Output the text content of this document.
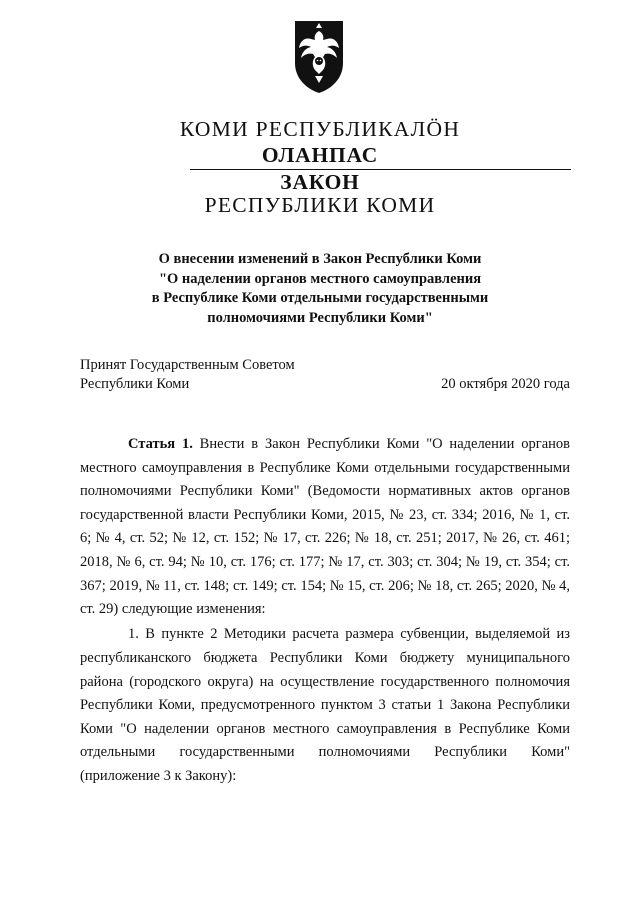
КОМИ РЕСПУБЛИКАЛӦН
ОЛАНПАС
ЗАКОН
РЕСПУБЛИКИ КОМИ
О внесении изменений в Закон Республики Коми
"О наделении органов местного самоуправления
в Республике Коми отдельными государственными
полномочиями Республики Коми"
Принят Государственным Советом
Республики Коми	20 октября 2020 года

Статья 1. Внести в Закон Республики Коми "О наделении органов местного самоуправления в Республике Коми отдельными государственными полномочиями Республики Коми" (Ведомости нормативных актов органов государственной власти Республики Коми, 2015, № 23, ст. 334; 2016, № 1, ст. 6; № 4, ст. 52; № 12, ст. 152; № 17, ст. 226; № 18, ст. 251; 2017, № 26, ст. 461; 2018, № 6, ст. 94; № 10, ст. 176; ст. 177; № 17, ст. 303; ст. 304; № 19, ст. 354; ст. 367; 2019, № 11, ст. 148; ст. 149; ст. 154; № 15, ст. 206; № 18, ст. 265; 2020, № 4, ст. 29) следующие изменения:

1. В пункте 2 Методики расчета размера субвенции, выделяемой из республиканского бюджета Республики Коми бюджету муниципального района (городского округа) на осуществление государственного полномочия Республики Коми, предусмотренного пунктом 3 статьи 1 Закона Республики Коми "О наделении органов местного самоуправления в Республике Коми отдельными государственными полномочиями Республики Коми" (приложение 3 к Закону):
